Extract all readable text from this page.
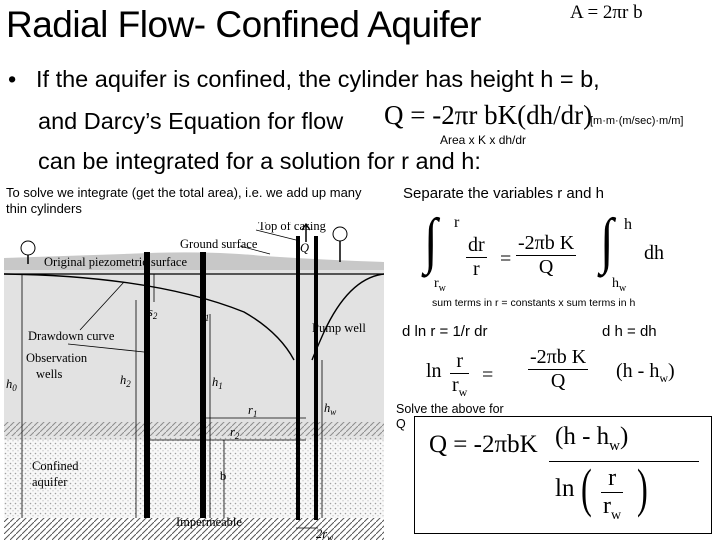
Radial Flow- Confined Aquifer	A = 2πr b
• If the aquifer is confined, the cylinder has height h = b,
and Darcy’s Equation for flow
can be integrated for a solution for r and h:
Q = -2πr bK(dh/dr)
[m·m·(m/sec)·m/m]
Area x K x dh/dr
To solve we integrate (get the total area), i.e. we add up many thin cylinders
Separate the variables r and h
∫ r
$r_w$
$\frac{dr}{r} = \frac{\text{-2πb K}}{Q}$ ∫ h
$h_w$
dh
sum terms in r = constants x sum terms in h
d ln r = 1/r dr	d h = dh
$\ln \frac{r}{r_w} = \frac{\text{-2πb K}}{Q} (h - h_w)$
Solve the above for Q
Q = -2πbK $(h - h_w)$
ln ( $\frac{r}{r_w}$ )
Top of casing
Q
Ground surface
Original piezometric surface
$s_2$	$s_1$
Drawdown curve
Pump well
Observation
wells
$h_0$
$h_2$	$h_1$
$h_w$
$r_1$
$r_2$
Confined
aquifer	b
Impermeable
$2r_w$
